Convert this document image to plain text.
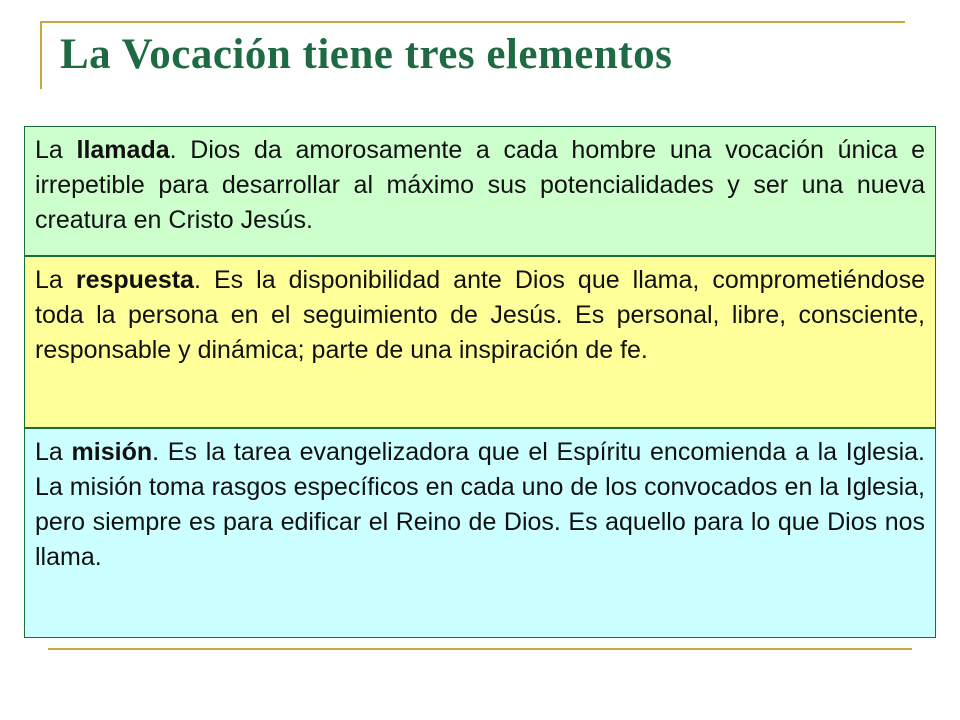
La Vocación tiene tres elementos

La llamada. Dios da amorosamente a cada hombre una vocación única e irrepetible para desarrollar al máximo sus potencialidades y ser una nueva creatura en Cristo Jesús.

La respuesta. Es la disponibilidad ante Dios que llama, comprometiéndose toda la persona en el seguimiento de Jesús. Es personal, libre, consciente, responsable y dinámica; parte de una inspiración de fe.

La misión. Es la tarea evangelizadora que el Espíritu encomienda a la Iglesia. La misión toma rasgos específicos en cada uno de los convocados en la Iglesia, pero siempre es para edificar el Reino de Dios. Es aquello para lo que Dios nos llama.
